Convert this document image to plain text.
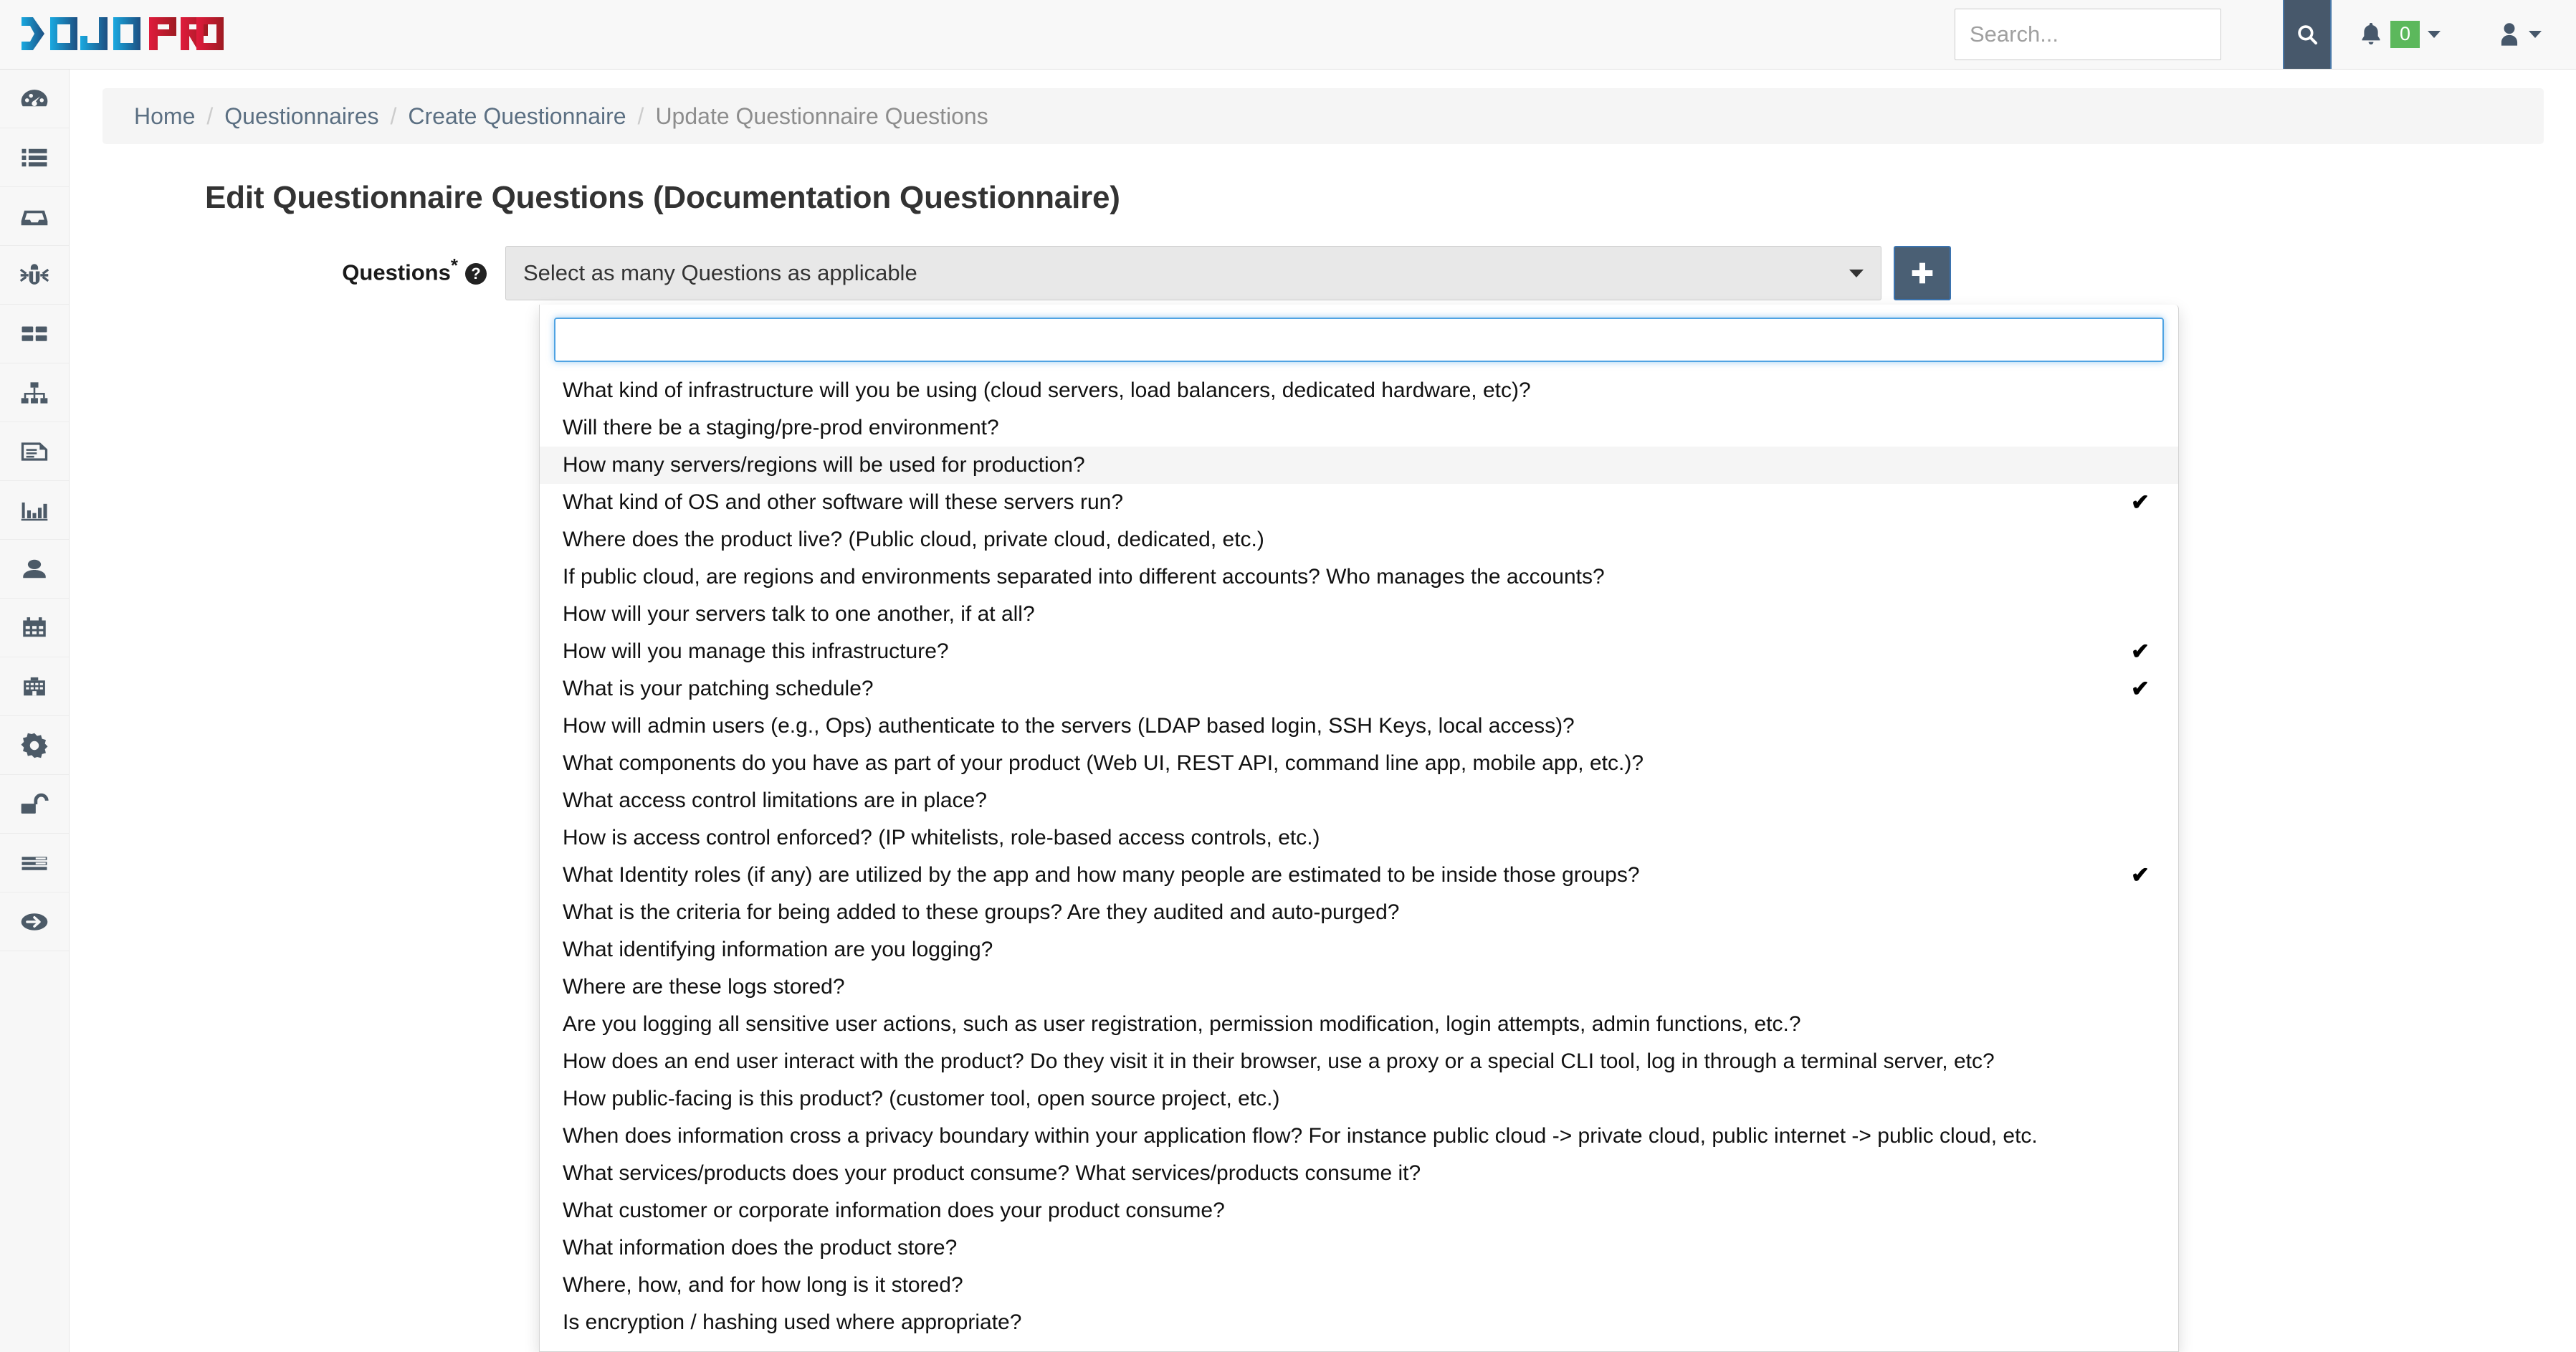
Search...
0
Home / Questionnaires / Create Questionnaire / Update Questionnaire Questions
Edit Questionnaire Questions (Documentation Questionnaire)
Questions* ?	Select as many Questions as applicable
What kind of infrastructure will you be using (cloud servers, load balancers, dedicated hardware, etc)?
Will there be a staging/pre-prod environment?
How many servers/regions will be used for production?
What kind of OS and other software will these servers run?	✔
Where does the product live? (Public cloud, private cloud, dedicated, etc.)
If public cloud, are regions and environments separated into different accounts? Who manages the accounts?
How will your servers talk to one another, if at all?
How will you manage this infrastructure?	✔
What is your patching schedule?	✔
How will admin users (e.g., Ops) authenticate to the servers (LDAP based login, SSH Keys, local access)?
What components do you have as part of your product (Web UI, REST API, command line app, mobile app, etc.)?
What access control limitations are in place?
How is access control enforced? (IP whitelists, role-based access controls, etc.)
What Identity roles (if any) are utilized by the app and how many people are estimated to be inside those groups?	✔
What is the criteria for being added to these groups? Are they audited and auto-purged?
What identifying information are you logging?
Where are these logs stored?
Are you logging all sensitive user actions, such as user registration, permission modification, login attempts, admin functions, etc.?
How does an end user interact with the product? Do they visit it in their browser, use a proxy or a special CLI tool, log in through a terminal server, etc?
How public-facing is this product? (customer tool, open source project, etc.)
When does information cross a privacy boundary within your application flow? For instance public cloud -> private cloud, public internet -> public cloud, etc.
What services/products does your product consume? What services/products consume it?
What customer or corporate information does your product consume?
What information does the product store?
Where, how, and for how long is it stored?
Is encryption / hashing used where appropriate?
